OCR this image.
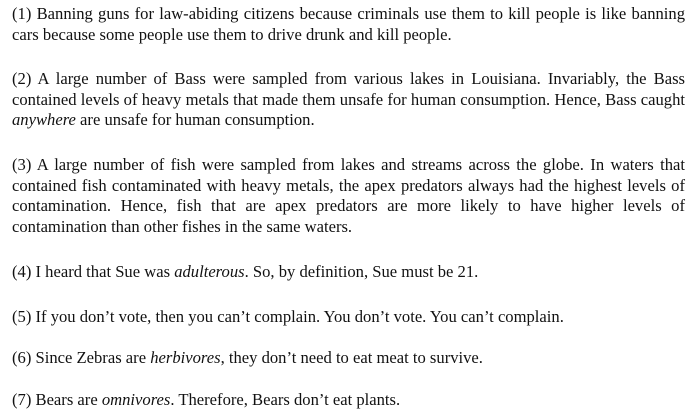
(1) Banning guns for law-abiding citizens because criminals use them to kill people is like banning cars because some people use them to drive drunk and kill people.

(2) A large number of Bass were sampled from various lakes in Louisiana. Invariably, the Bass contained levels of heavy metals that made them unsafe for human consumption. Hence, Bass caught anywhere are unsafe for human consumption.

(3) A large number of fish were sampled from lakes and streams across the globe. In waters that contained fish contaminated with heavy metals, the apex predators always had the highest levels of contamination. Hence, fish that are apex predators are more likely to have higher levels of contamination than other fishes in the same waters.

(4) I heard that Sue was adulterous. So, by definition, Sue must be 21.

(5) If you don’t vote, then you can’t complain. You don’t vote. You can’t complain.

(6) Since Zebras are herbivores, they don’t need to eat meat to survive.

(7) Bears are omnivores. Therefore, Bears don’t eat plants.
